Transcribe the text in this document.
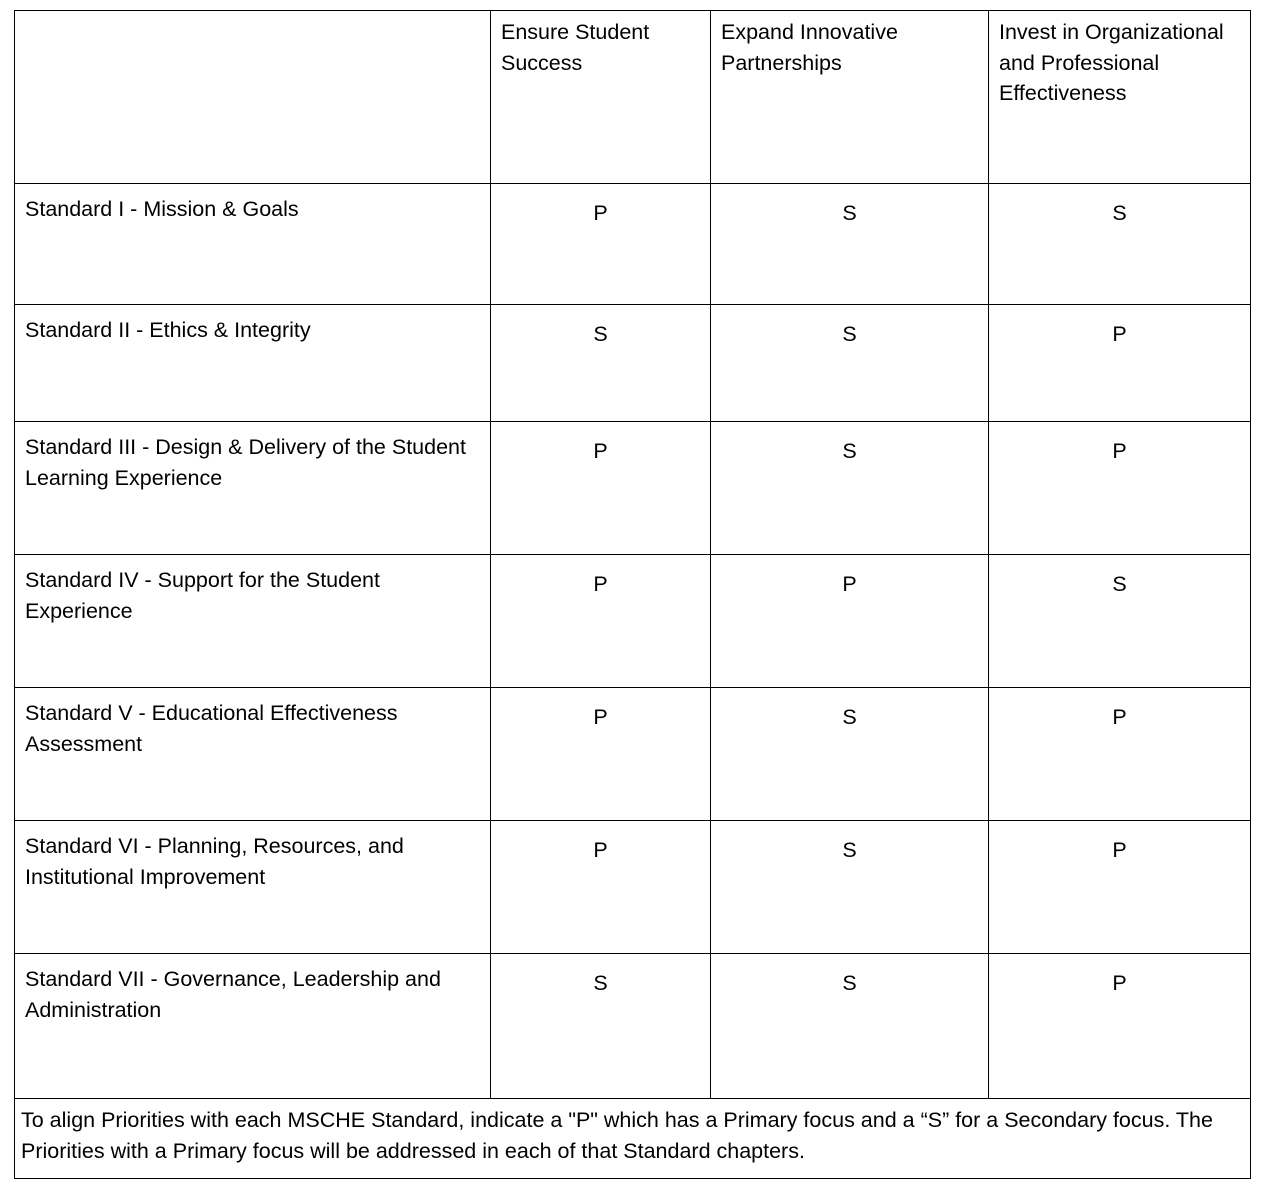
	Ensure Student Success	Expand Innovative Partnerships	Invest in Organizational and Professional Effectiveness
Standard I - Mission & Goals	P	S	S
Standard II - Ethics & Integrity	S	S	P
Standard III - Design & Delivery of the Student Learning Experience	P	S	P
Standard IV - Support for the Student Experience	P	P	S
Standard V - Educational Effectiveness Assessment	P	S	P
Standard VI - Planning, Resources, and Institutional Improvement	P	S	P
Standard VII - Governance, Leadership and Administration	S	S	P
To align Priorities with each MSCHE Standard, indicate a "P" which has a Primary focus and a “S” for a Secondary focus. The Priorities with a Primary focus will be addressed in each of that Standard chapters.			
